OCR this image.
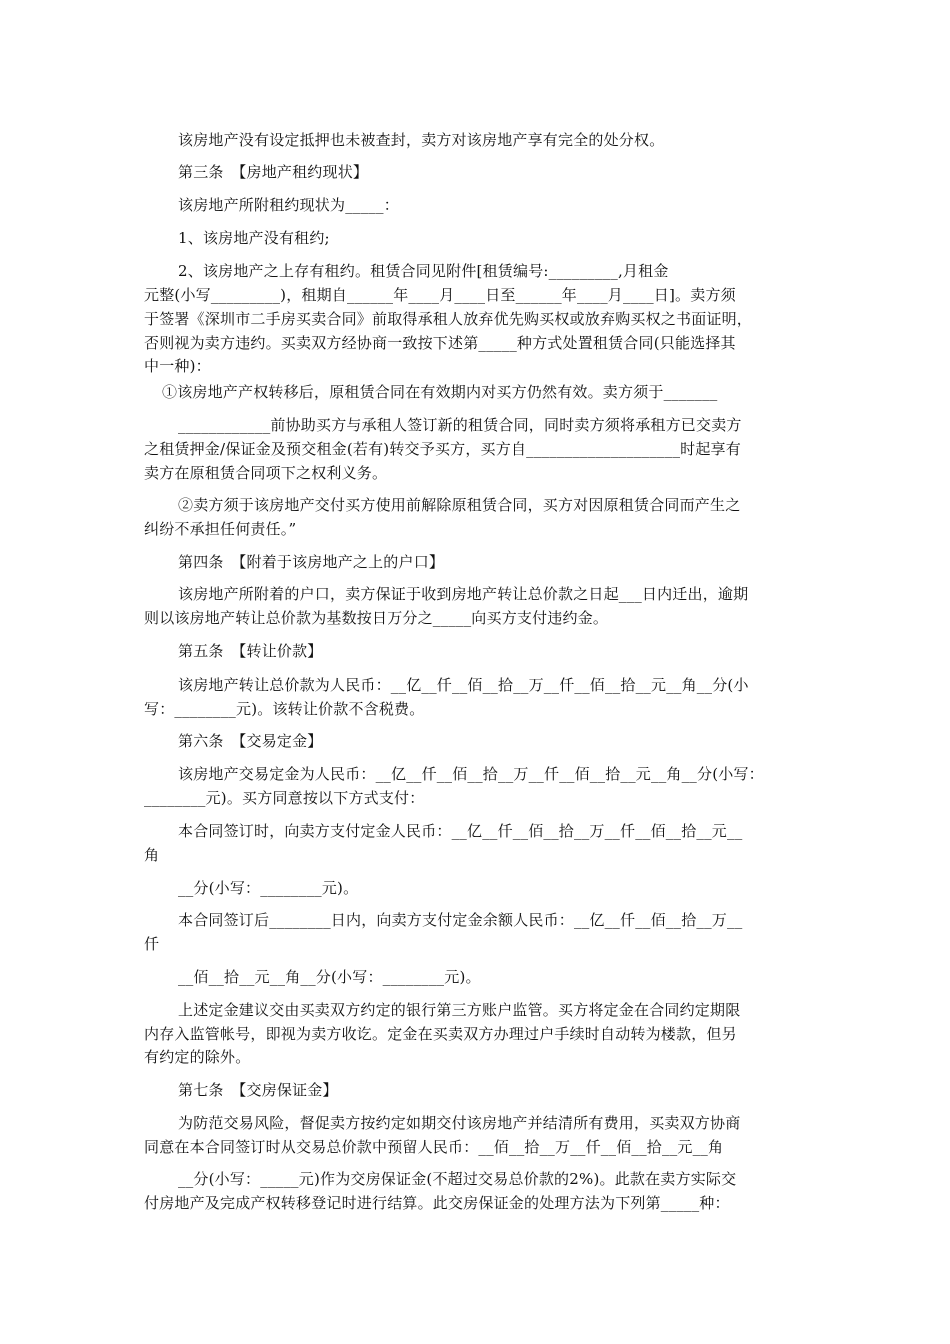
该房地产没有设定抵押也未被查封，卖方对该房地产享有完全的处分权。
第三条　【房地产租约现状】
该房地产所附租约现状为_____：
1、该房地产没有租约;
2、该房地产之上存有租约。租赁合同见附件[租赁编号:_________,月租金
元整(小写_________)，租期自______年____月____日至______年____月____日]。卖方须
于签署《深圳市二手房买卖合同》前取得承租人放弃优先购买权或放弃购买权之书面证明，
否则视为卖方违约。买卖双方经协商一致按下述第_____种方式处置租赁合同(只能选择其
中一种)：
①该房地产产权转移后，原租赁合同在有效期内对买方仍然有效。卖方须于_______
____________前协助买方与承租人签订新的租赁合同，同时卖方须将承租方已交卖方
之租赁押金/保证金及预交租金(若有)转交予买方，买方自____________________时起享有
卖方在原租赁合同项下之权利义务。
②卖方须于该房地产交付买方使用前解除原租赁合同，买方对因原租赁合同而产生之
纠纷不承担任何责任。”
第四条　【附着于该房地产之上的户口】
该房地产所附着的户口，卖方保证于收到房地产转让总价款之日起___日内迁出，逾期
则以该房地产转让总价款为基数按日万分之_____向买方支付违约金。
第五条　【转让价款】
该房地产转让总价款为人民币：__亿__仟__佰__拾__万__仟__佰__拾__元__角__分(小
写：________元)。该转让价款不含税费。
第六条　【交易定金】
该房地产交易定金为人民币：__亿__仟__佰__拾__万__仟__佰__拾__元__角__分(小写：
________元)。买方同意按以下方式支付：
本合同签订时，向卖方支付定金人民币：__亿__仟__佰__拾__万__仟__佰__拾__元__
角
__分(小写：________元)。
本合同签订后________日内，向卖方支付定金余额人民币：__亿__仟__佰__拾__万__
仟
__佰__拾__元__角__分(小写：________元)。
上述定金建议交由买卖双方约定的银行第三方账户监管。买方将定金在合同约定期限
内存入监管帐号，即视为卖方收讫。定金在买卖双方办理过户手续时自动转为楼款，但另
有约定的除外。
第七条　【交房保证金】
为防范交易风险，督促卖方按约定如期交付该房地产并结清所有费用，买卖双方协商
同意在本合同签订时从交易总价款中预留人民币：__佰__拾__万__仟__佰__拾__元__角
__分(小写：_____元)作为交房保证金(不超过交易总价款的2%)。此款在卖方实际交
付房地产及完成产权转移登记时进行结算。此交房保证金的处理方法为下列第_____种：
